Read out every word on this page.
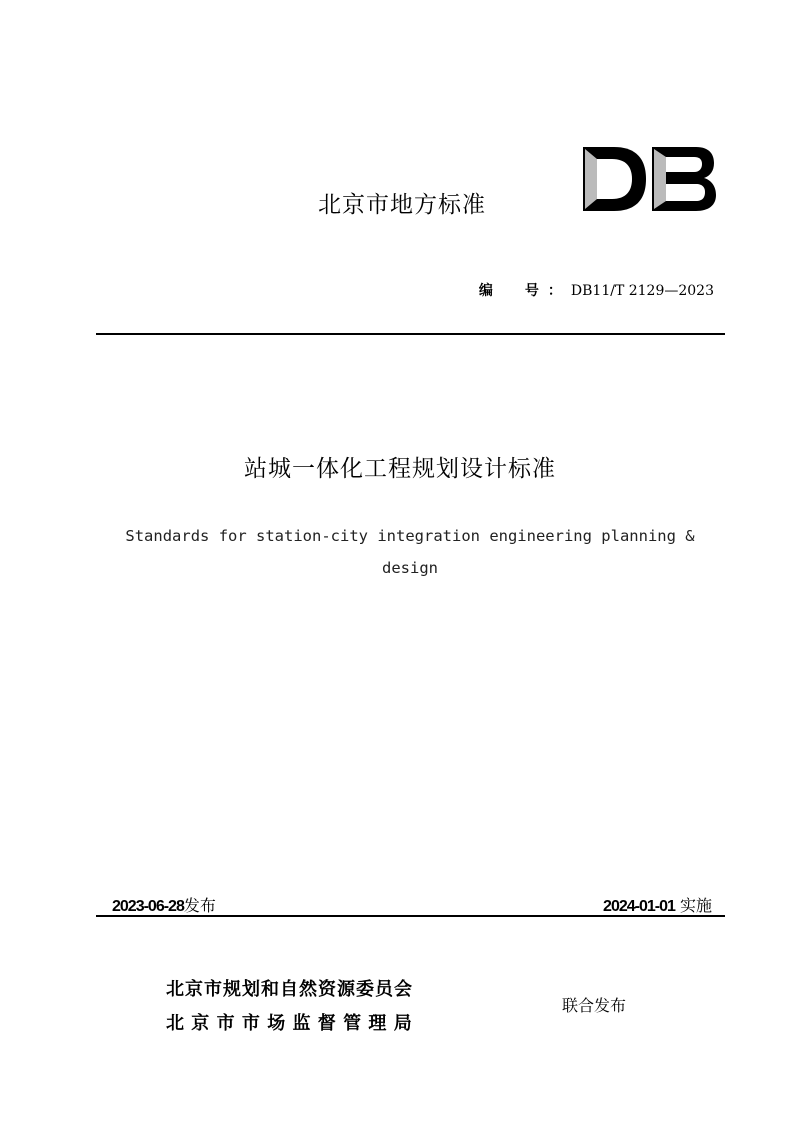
北京市地方标准
编　号：DB11/T 2129—2023
站城一体化工程规划设计标准
Standards for station-city integration engineering planning & design
2023-06-28发布	2024-01-01 实施
北京市规划和自然资源委员会
北京市市场监督管理局
联合发布
